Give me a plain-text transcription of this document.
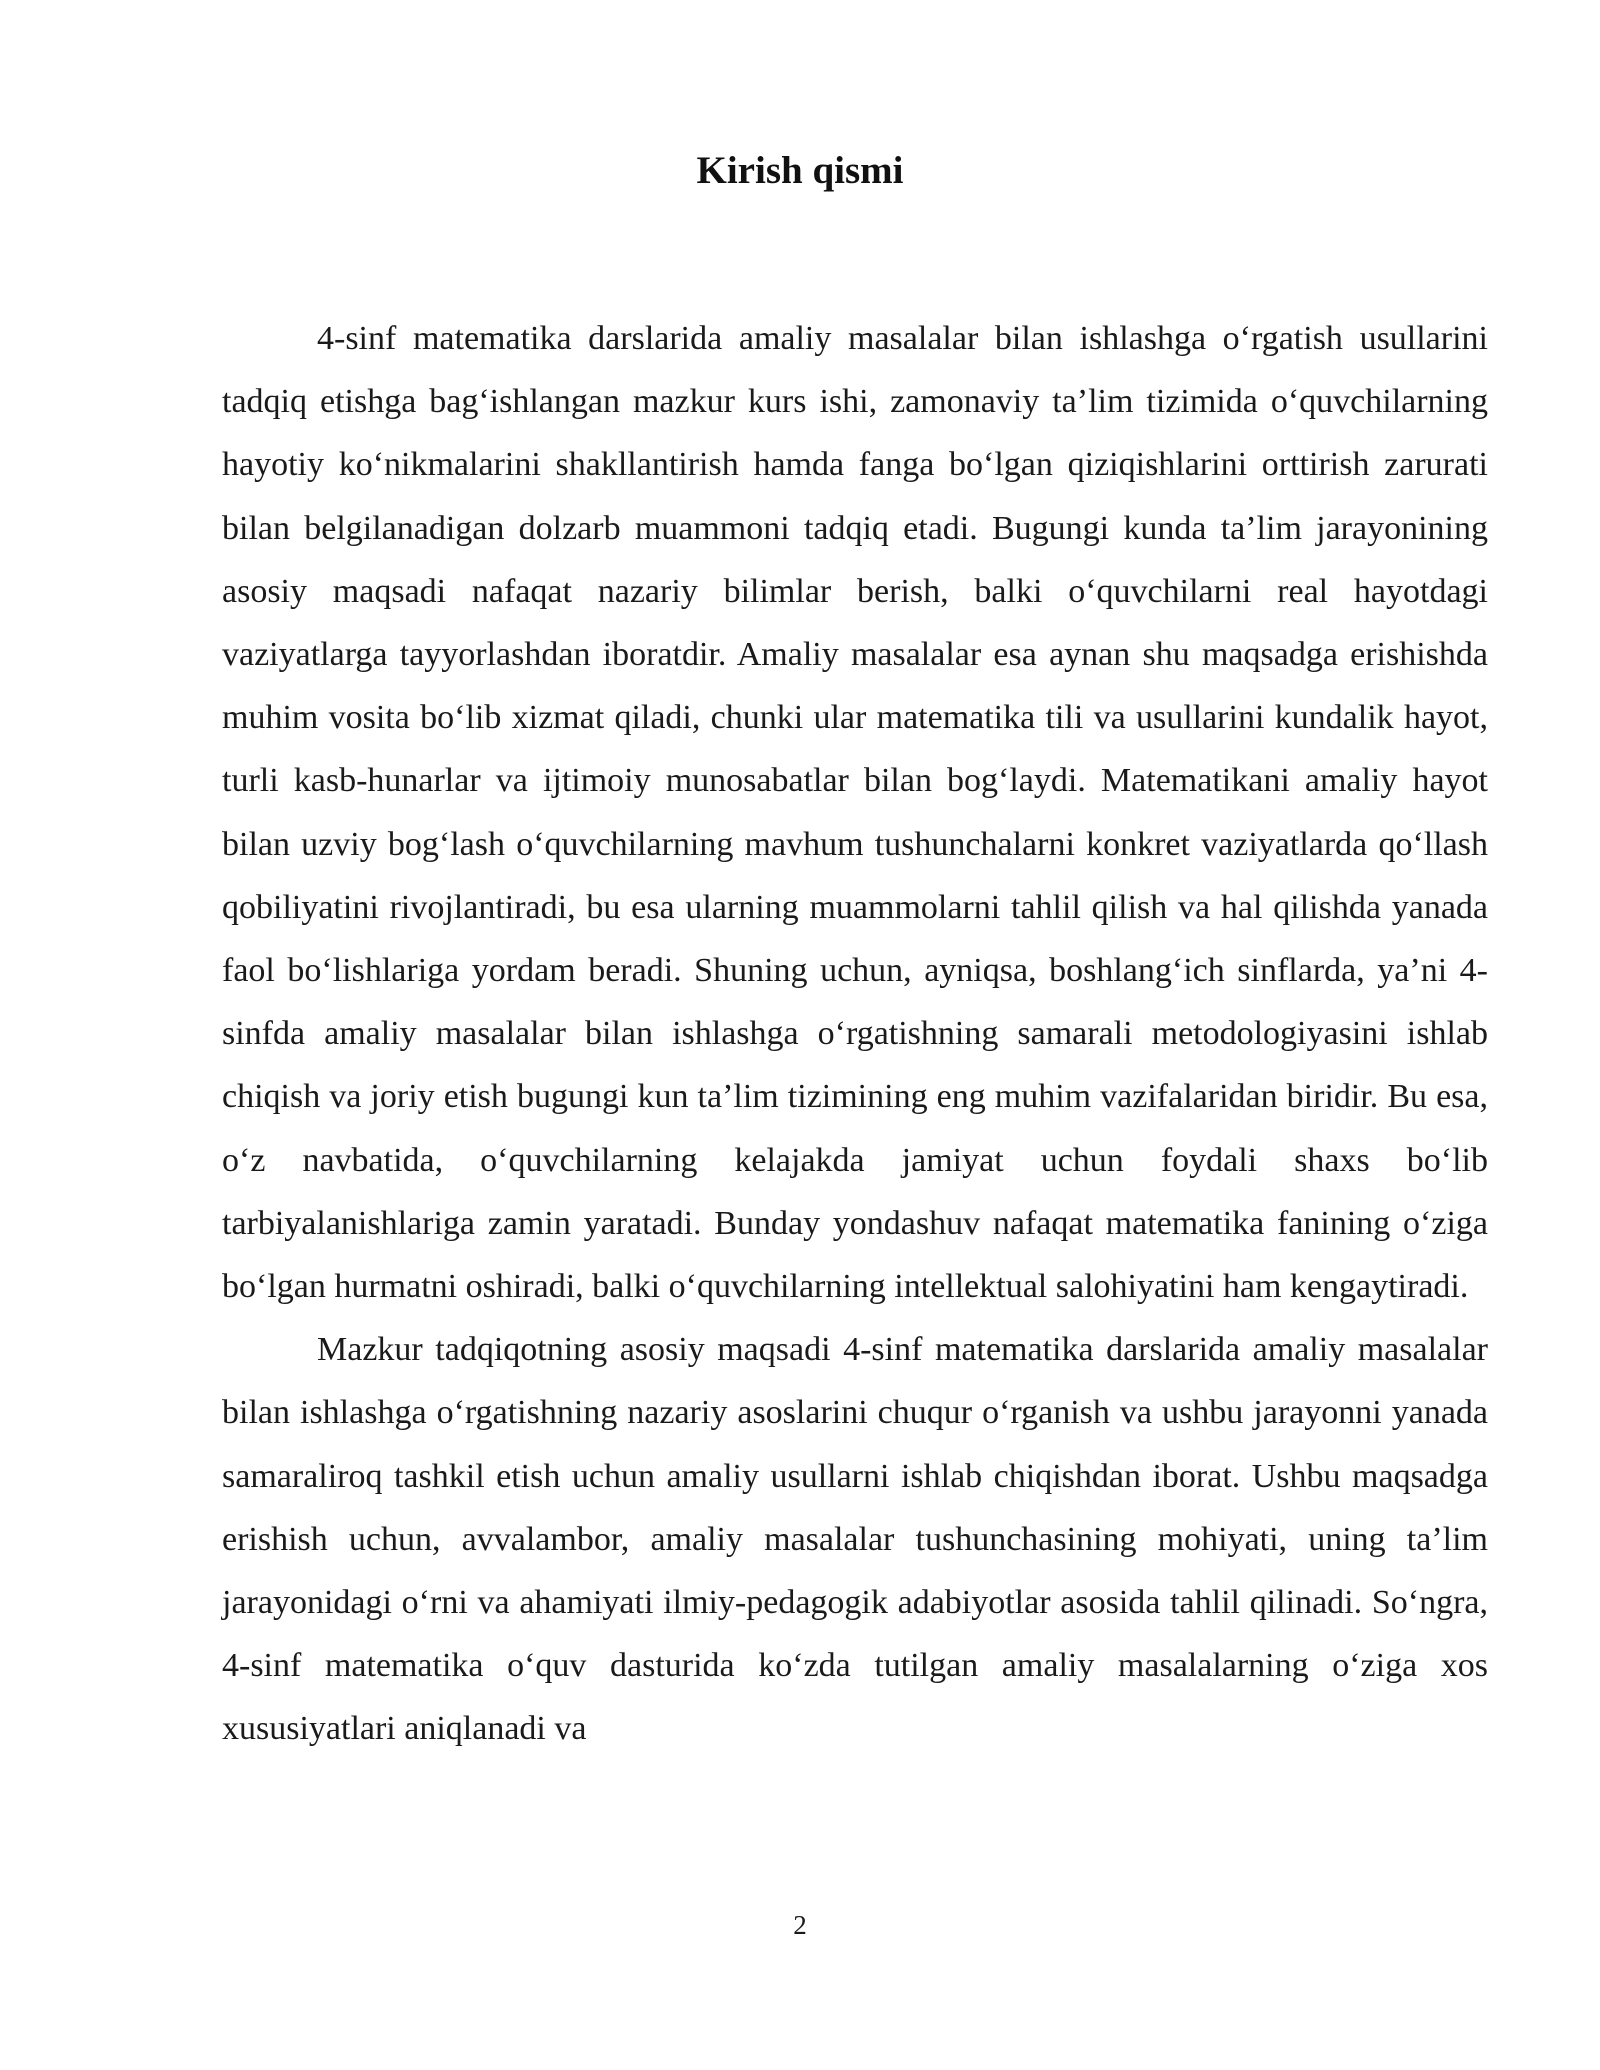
Kirish qismi

4-sinf matematika darslarida amaliy masalalar bilan ishlashga o‘rgatish usullarini tadqiq etishga bag‘ishlangan mazkur kurs ishi, zamonaviy ta’lim tizimida o‘quvchilarning hayotiy ko‘nikmalarini shakllantirish hamda fanga bo‘lgan qiziqishlarini orttirish zarurati bilan belgilanadigan dolzarb muammoni tadqiq etadi. Bugungi kunda ta’lim jarayonining asosiy maqsadi nafaqat nazariy bilimlar berish, balki o‘quvchilarni real hayotdagi vaziyatlarga tayyorlashdan iboratdir. Amaliy masalalar esa aynan shu maqsadga erishishda muhim vosita bo‘lib xizmat qiladi, chunki ular matematika tili va usullarini kundalik hayot, turli kasb-hunarlar va ijtimoiy munosabatlar bilan bog‘laydi. Matematikani amaliy hayot bilan uzviy bog‘lash o‘quvchilarning mavhum tushunchalarni konkret vaziyatlarda qo‘llash qobiliyatini rivojlantiradi, bu esa ularning muammolarni tahlil qilish va hal qilishda yanada faol bo‘lishlariga yordam beradi. Shuning uchun, ayniqsa, boshlang‘ich sinflarda, ya’ni 4-sinfda amaliy masalalar bilan ishlashga o‘rgatishning samarali metodologiyasini ishlab chiqish va joriy etish bugungi kun ta’lim tizimining eng muhim vazifalaridan biridir. Bu esa, o‘z navbatida, o‘quvchilarning kelajakda jamiyat uchun foydali shaxs bo‘lib tarbiyalanishlariga zamin yaratadi. Bunday yondashuv nafaqat matematika fanining o‘ziga bo‘lgan hurmatni oshiradi, balki o‘quvchilarning intellektual salohiyatini ham kengaytiradi.

Mazkur tadqiqotning asosiy maqsadi 4-sinf matematika darslarida amaliy masalalar bilan ishlashga o‘rgatishning nazariy asoslarini chuqur o‘rganish va ushbu jarayonni yanada samaraliroq tashkil etish uchun amaliy usullarni ishlab chiqishdan iborat. Ushbu maqsadga erishish uchun, avvalambor, amaliy masalalar tushunchasining mohiyati, uning ta’lim jarayonidagi o‘rni va ahamiyati ilmiy-pedagogik adabiyotlar asosida tahlil qilinadi. So‘ngra, 4-sinf matematika o‘quv dasturida ko‘zda tutilgan amaliy masalalarning o‘ziga xos xususiyatlari aniqlanadi va

2
